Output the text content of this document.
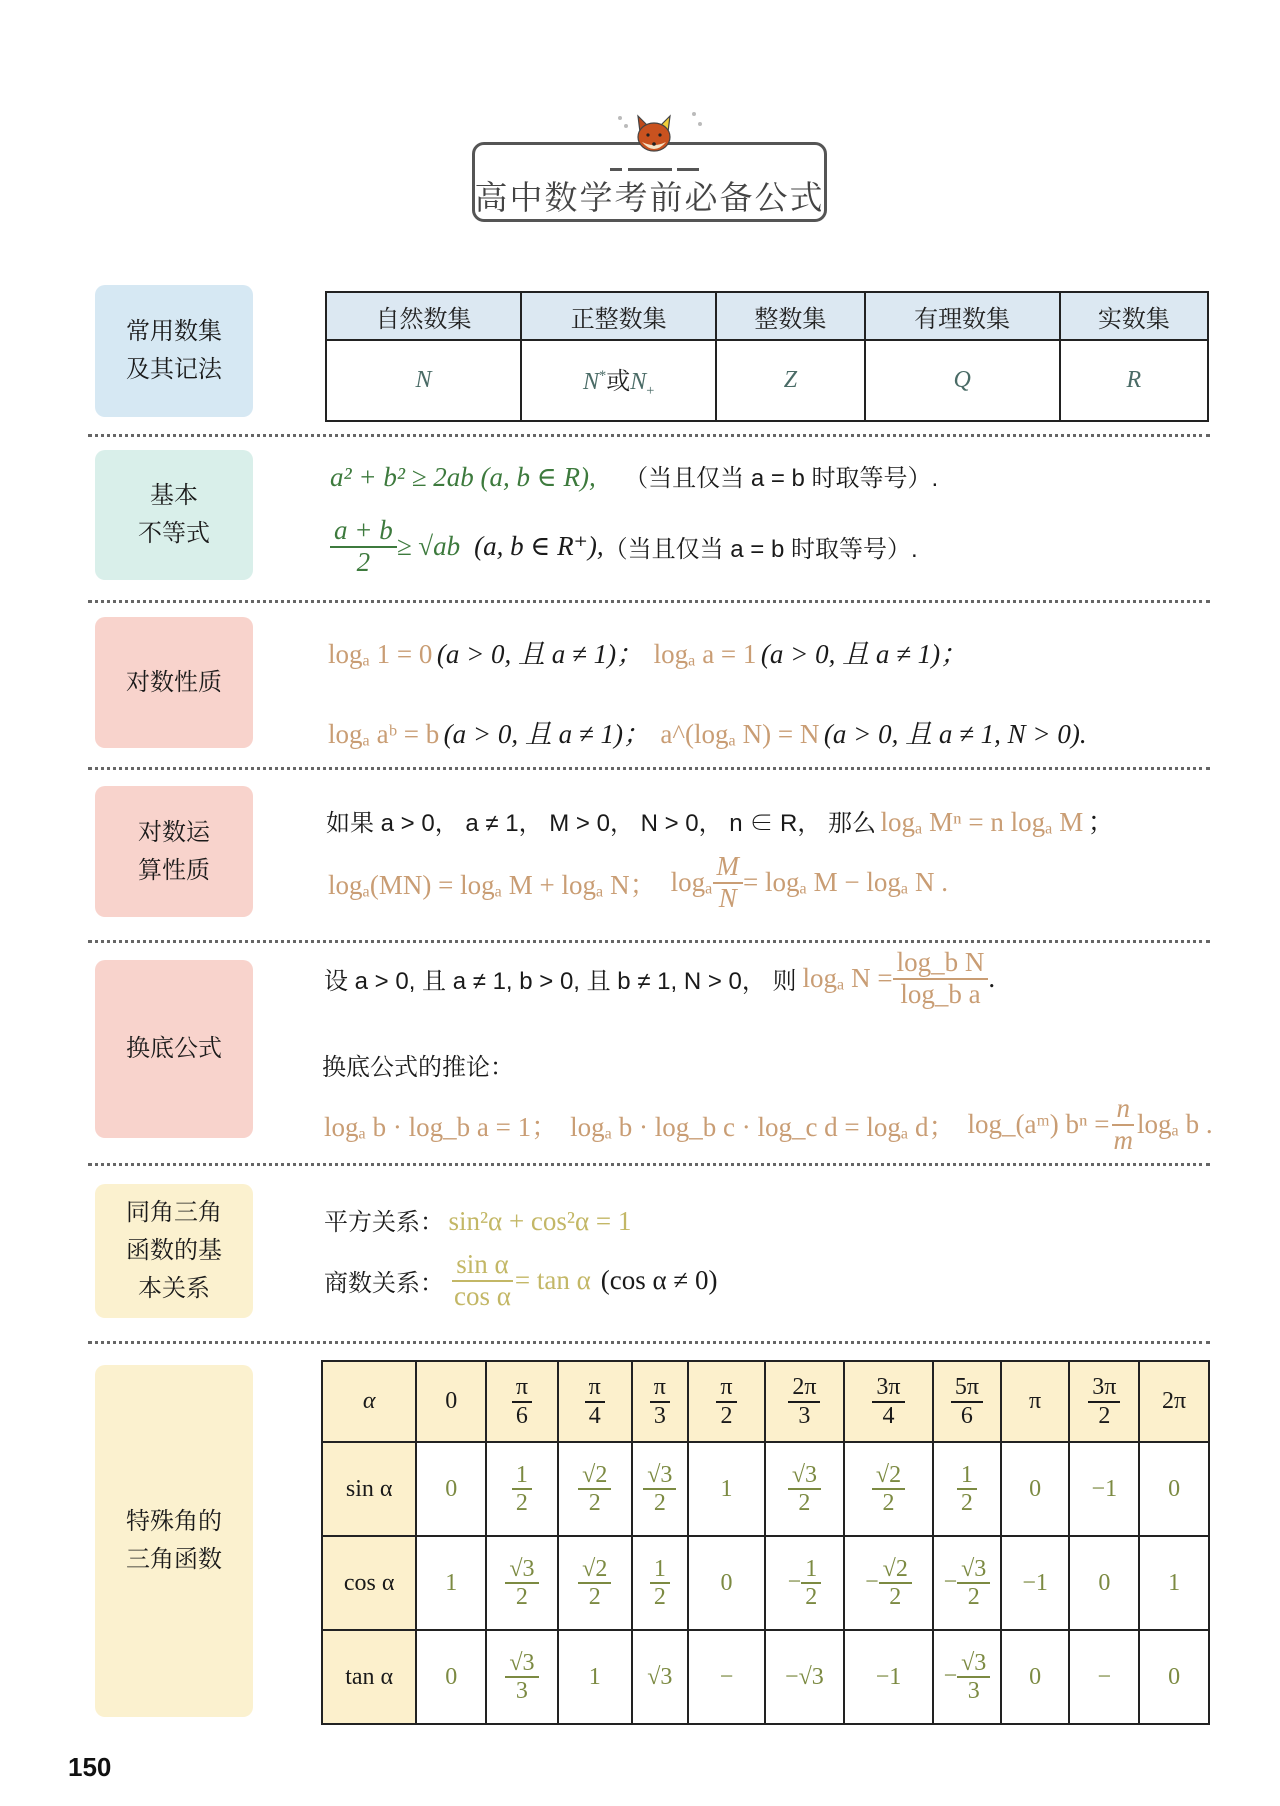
高中数学考前必备公式
常用数集
及其记法
自然数集	正整数集	整数集	有理数集	实数集
N	N*或$N_+$	Z	Q	R
基本
不等式
a² + b² ≥ 2ab (a, b ∈ R), （当且仅当 a = b 时取等号）.
$\frac{a + b}{2} \ge √ab$ (a, b ∈ R⁺), （当且仅当 a = b 时取等号）.
对数性质
logₐ 1 = 0 (a > 0, 且 a ≠ 1)； logₐ a = 1 (a > 0, 且 a ≠ 1)；
logₐ aᵇ = b (a > 0, 且 a ≠ 1)； a^(logₐ N) = N (a > 0, 且 a ≠ 1, N > 0).
对数运
算性质
如果 a > 0， a ≠ 1， M > 0， N > 0， n ∈ R， 那么 logₐ Mⁿ = n logₐ M ；
logₐ(MN) = logₐ M + logₐ N； logₐ $\frac{M}{N} = \log_a$ M − logₐ N .
换底公式
设 a > 0, 且 a ≠ 1, b > 0, 且 b ≠ 1, N > 0， 则 logₐ $N = \frac{\text{log\_b N}}{\text{log\_b a}}$ .
换底公式的推论：
logₐ b · log_b a = 1； logₐ b · log_b c · log_c d = logₐ d； log_(aᵐ) $b^n = \frac{n}{m}$ logₐ b .
同角三角
函数的基
本关系
平方关系： sin²α + cos²α = 1
商数关系： $\frac{\text{sin α}}{\text{cos α}} = \tan \alpha$ (cos α ≠ 0)
特殊角的
三角函数
α	0	$\frac{\pi}{6}$	$\frac{\pi}{4}$	$\frac{\pi}{3}$	$\frac{\pi}{2}$	$\frac{2\pi}{3}$	$\frac{3\pi}{4}$	$\frac{5\pi}{6}$	π	$\frac{3\pi}{2}$	2π
sin α	0	$\frac{1}{2}$	$\frac{√2}{2}$	$\frac{√3}{2}$	1	$\frac{√3}{2}$	$\frac{√2}{2}$	$\frac{1}{2}$	0	−1	0
cos α	1	$\frac{√3}{2}$	$\frac{√2}{2}$	$\frac{1}{2}$	0	− $\frac{1}{2}$	− $\frac{√2}{2}$	− $\frac{√3}{2}$	−1	0	1
tan α	0	$\frac{√3}{3}$	1	√3	−	−√3	−1	− $\frac{√3}{3}$	0	−	0
150
